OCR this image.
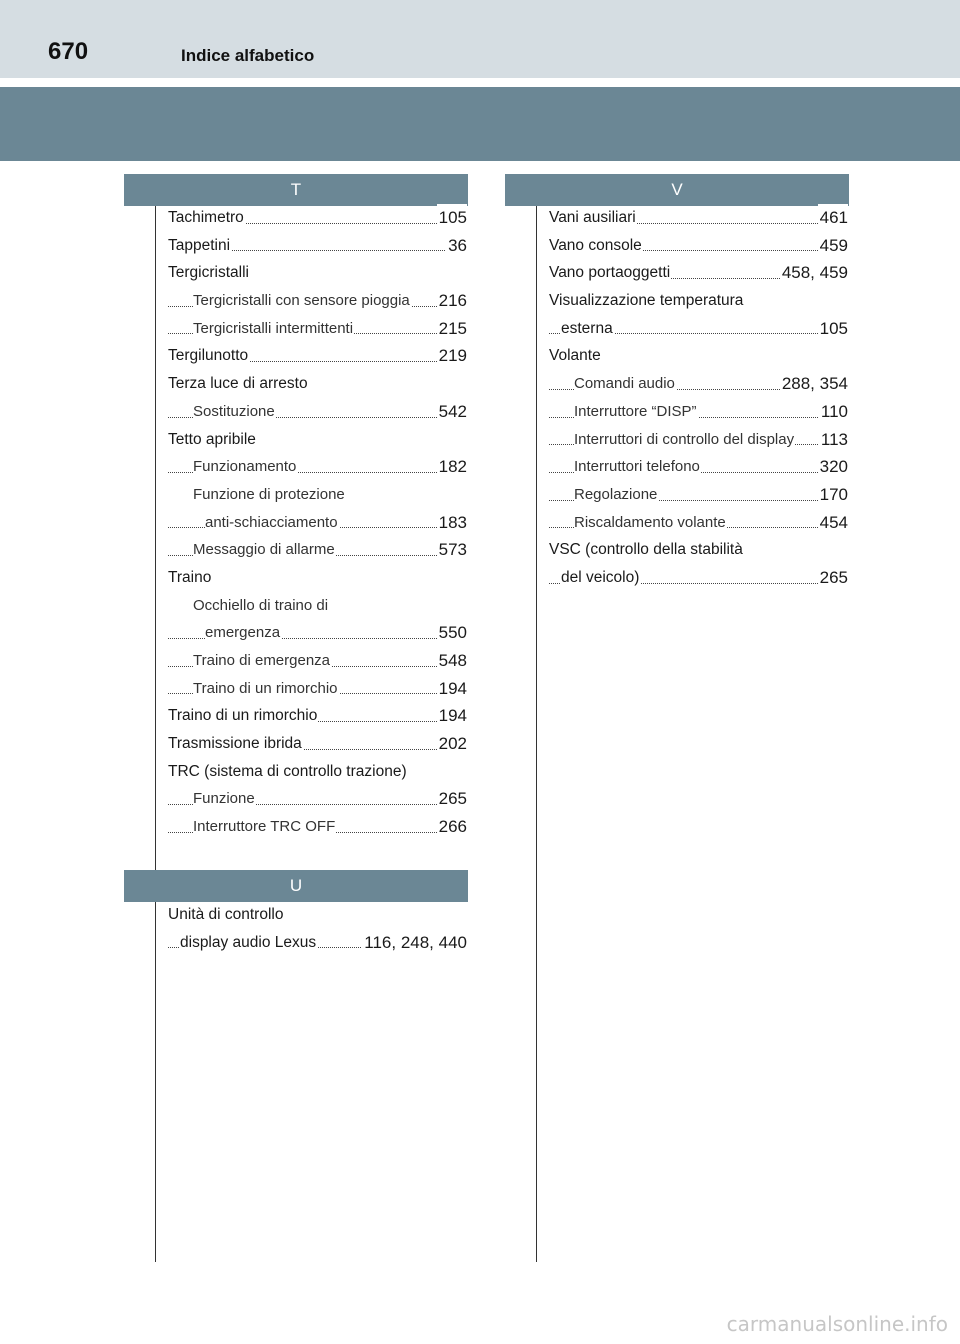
670	Indice alfabetico
T
Tachimetro	105
Tappetini	36
Tergicristalli
Tergicristalli con sensore pioggia 216
Tergicristalli intermittenti	215
Tergilunotto	219
Terza luce di arresto
Sostituzione	542
Tetto apribile
Funzionamento	182
Funzione di protezione
anti-schiacciamento	183
Messaggio di allarme	573
Traino
Occhiello di traino di
emergenza	550
Traino di emergenza	548
Traino di un rimorchio	194
Traino di un rimorchio	194
Trasmissione ibrida	202
TRC (sistema di controllo trazione)
Funzione	265
Interruttore TRC OFF	266
U
Unità di controllo
display audio Lexus	116, 248, 440
V
Vani ausiliari	461
Vano console	459
Vano portaoggetti	458, 459
Visualizzazione temperatura
esterna	105
Volante
Comandi audio	288, 354
Interruttore “DISP”	110
Interruttori di controllo del display 113
Interruttori telefono	320
Regolazione	170
Riscaldamento volante	454
VSC (controllo della stabilità
del veicolo)	265
carmanualsonline.info
